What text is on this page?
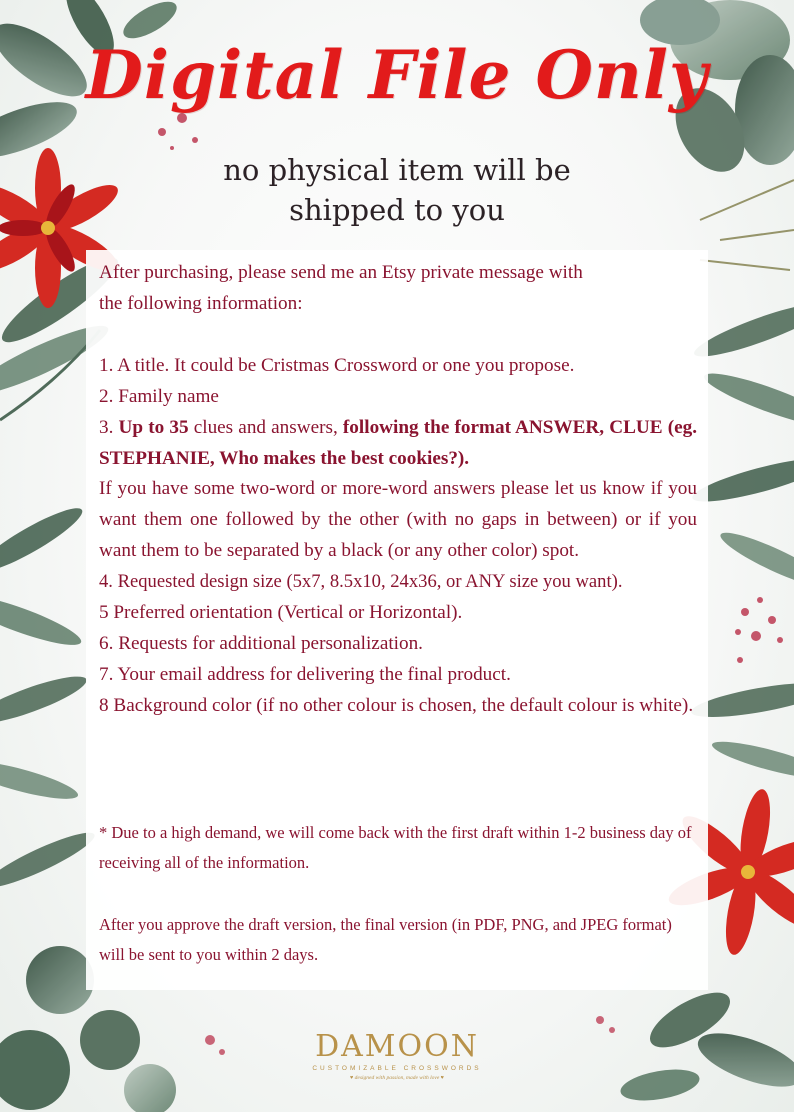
Digital File Only
no physical item will be
shipped to you

After purchasing, please send me an Etsy private message with

the following information:

1. A title. It could be Cristmas Crossword or one you propose.

2. Family name

3. Up to 35 clues and answers, following the format ANSWER, CLUE (eg. STEPHANIE, Who makes the best cookies?).

If you have some two-word or more-word answers please let us know if you want them one followed by the other (with no gaps in between) or if you want them to be separated by a black (or any other color) spot.

4. Requested design size (5x7, 8.5x10, 24x36, or ANY size you want).

5 Preferred orientation (Vertical or Horizontal).

6. Requests for additional personalization.

7. Your email address for delivering the final product.

8 Background color (if no other colour is chosen, the default colour is white).

* Due to a high demand, we will come back with the first draft within 1-2 business day of receiving all of the information.
After you approve the draft version, the final version (in PDF, PNG, and JPEG format) will be sent to you within 2 days.
DAMOON
CUSTOMIZABLE CROSSWORDS
♥ designed with passion, made with love ♥
